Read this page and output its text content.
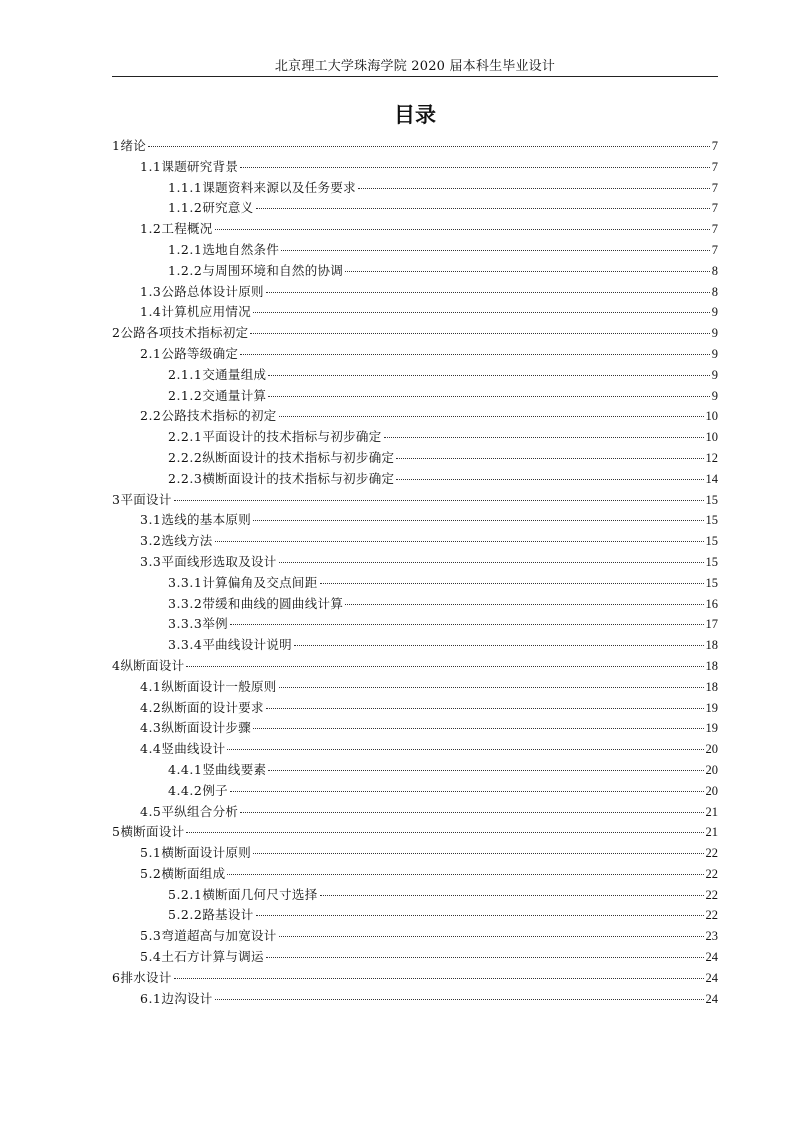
北京理工大学珠海学院 2020 届本科生毕业设计
目录
1 绪论	7
1.1 课题研究背景	7
1.1.1 课题资料来源以及任务要求	7
1.1.2 研究意义	7
1.2 工程概况	7
1.2.1 选地自然条件	7
1.2.2 与周围环境和自然的协调	8
1.3 公路总体设计原则	8
1.4 计算机应用情况	9
2 公路各项技术指标初定	9
2.1 公路等级确定	9
2.1.1 交通量组成	9
2.1.2 交通量计算	9
2.2 公路技术指标的初定	10
2.2.1 平面设计的技术指标与初步确定	10
2.2.2 纵断面设计的技术指标与初步确定	12
2.2.3 横断面设计的技术指标与初步确定	14
3 平面设计	15
3.1 选线的基本原则	15
3.2 选线方法	15
3.3 平面线形选取及设计	15
3.3.1 计算偏角及交点间距	15
3.3.2 带缓和曲线的圆曲线计算	16
3.3.3 举例	17
3.3.4 平曲线设计说明	18
4 纵断面设计	18
4.1 纵断面设计一般原则	18
4.2 纵断面的设计要求	19
4.3 纵断面设计步骤	19
4.4 竖曲线设计	20
4.4.1 竖曲线要素	20
4.4.2 例子	20
4.5 平纵组合分析	21
5 横断面设计	21
5.1 横断面设计原则	22
5.2 横断面组成	22
5.2.1 横断面几何尺寸选择	22
5.2.2 路基设计	22
5.3 弯道超高与加宽设计	23
5.4 土石方计算与调运	24
6 排水设计	24
6.1 边沟设计	24
